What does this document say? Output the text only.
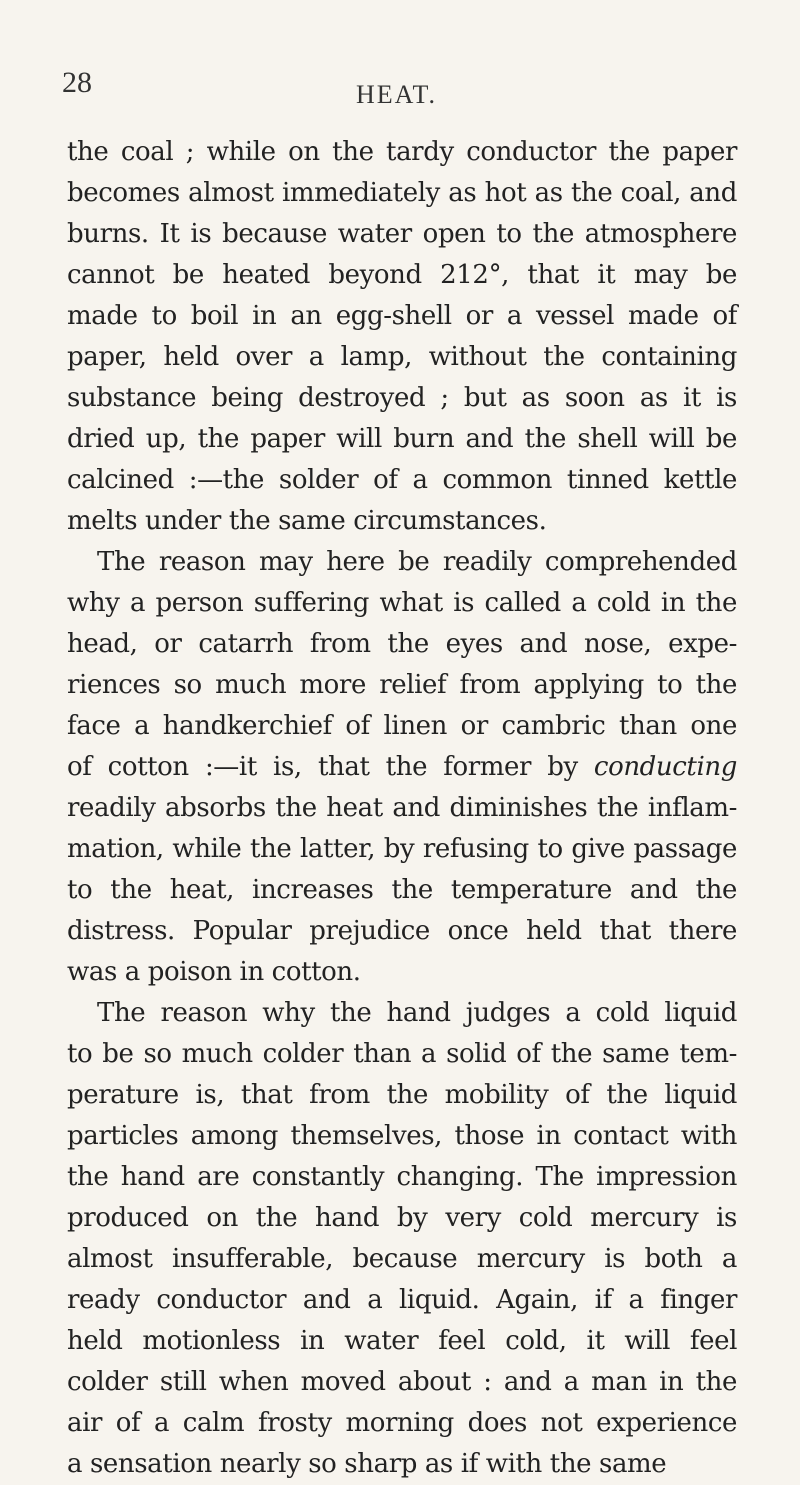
28	HEAT.
the coal ; while on the tardy conductor the paper
becomes almost immediately as hot as the coal, and
burns. It is because water open to the atmosphere
cannot be heated beyond 212°, that it may be
made to boil in an egg-shell or a vessel made of
paper, held over a lamp, without the containing
substance being destroyed ; but as soon as it is
dried up, the paper will burn and the shell will be
calcined :—the solder of a common tinned kettle
melts under the same circumstances.
The reason may here be readily comprehended
why a person suffering what is called a cold in the
head, or catarrh from the eyes and nose, expe-
riences so much more relief from applying to the
face a handkerchief of linen or cambric than one
of cotton :—it is, that the former by conducting
readily absorbs the heat and diminishes the inflam-
mation, while the latter, by refusing to give passage
to the heat, increases the temperature and the
distress. Popular prejudice once held that there
was a poison in cotton.
The reason why the hand judges a cold liquid
to be so much colder than a solid of the same tem-
perature is, that from the mobility of the liquid
particles among themselves, those in contact with
the hand are constantly changing. The impression
produced on the hand by very cold mercury is
almost insufferable, because mercury is both a
ready conductor and a liquid. Again, if a finger
held motionless in water feel cold, it will feel
colder still when moved about : and a man in the
air of a calm frosty morning does not experience
a sensation nearly so sharp as if with the same
